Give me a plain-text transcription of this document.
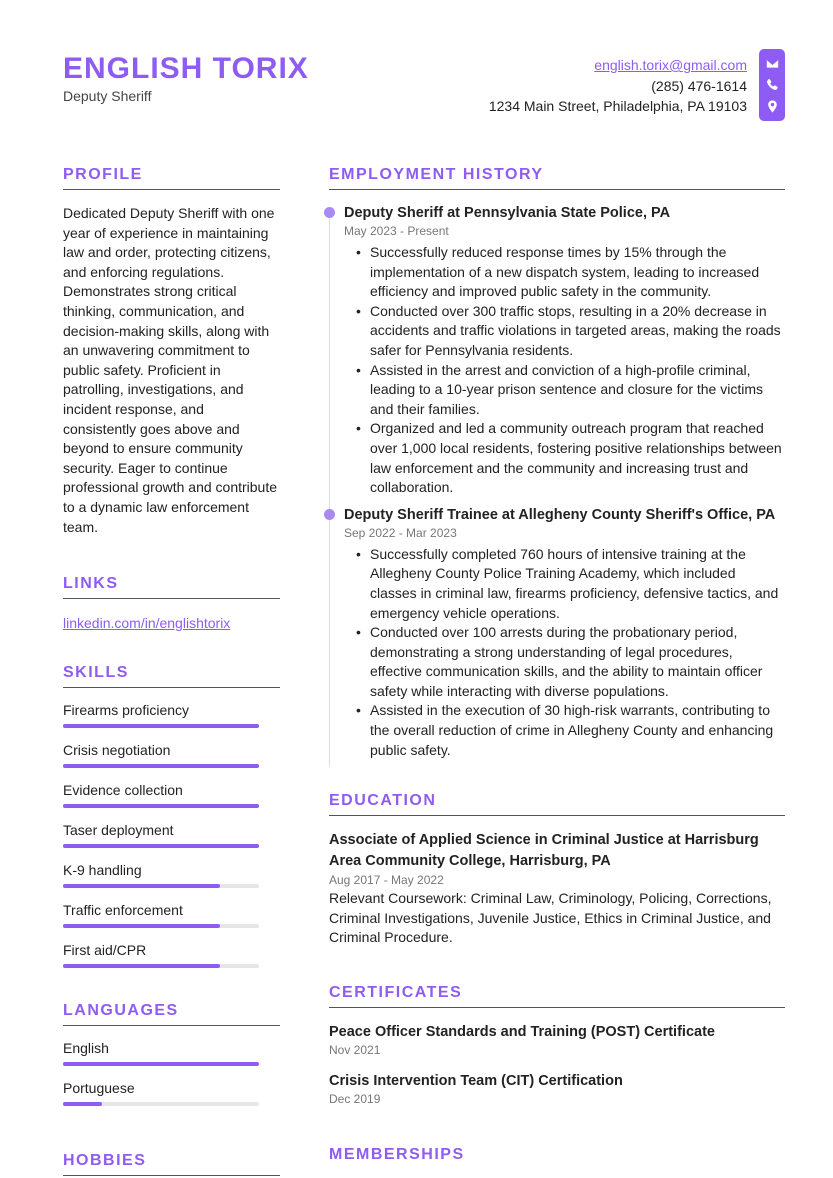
ENGLISH TORIX
Deputy Sheriff
english.torix@gmail.com
(285) 476-1614
1234 Main Street, Philadelphia, PA 19103
PROFILE

Dedicated Deputy Sheriff with one year of experience in maintaining law and order, protecting citizens, and enforcing regulations. Demonstrates strong critical thinking, communication, and decision-making skills, along with an unwavering commitment to public safety. Proficient in patrolling, investigations, and incident response, and consistently goes above and beyond to ensure community security. Eager to continue professional growth and contribute to a dynamic law enforcement team.

LINKS
linkedin.com/in/englishtorix
SKILLS
Firearms proficiency
Crisis negotiation
Evidence collection
Taser deployment
K-9 handling
Traffic enforcement
First aid/CPR
LANGUAGES
English
Portuguese
HOBBIES
EMPLOYMENT HISTORY
Deputy Sheriff at Pennsylvania State Police, PA
May 2023 - Present
• Successfully reduced response times by 15% through the implementation of a new dispatch system, leading to increased efficiency and improved public safety in the community.
• Conducted over 300 traffic stops, resulting in a 20% decrease in accidents and traffic violations in targeted areas, making the roads safer for Pennsylvania residents.
• Assisted in the arrest and conviction of a high-profile criminal, leading to a 10-year prison sentence and closure for the victims and their families.
• Organized and led a community outreach program that reached over 1,000 local residents, fostering positive relationships between law enforcement and the community and increasing trust and collaboration.
Deputy Sheriff Trainee at Allegheny County Sheriff's Office, PA
Sep 2022 - Mar 2023
• Successfully completed 760 hours of intensive training at the Allegheny County Police Training Academy, which included classes in criminal law, firearms proficiency, defensive tactics, and emergency vehicle operations.
• Conducted over 100 arrests during the probationary period, demonstrating a strong understanding of legal procedures, effective communication skills, and the ability to maintain officer safety while interacting with diverse populations.
• Assisted in the execution of 30 high-risk warrants, contributing to the overall reduction of crime in Allegheny County and enhancing public safety.
EDUCATION
Associate of Applied Science in Criminal Justice at Harrisburg Area Community College, Harrisburg, PA
Aug 2017 - May 2022
Relevant Coursework: Criminal Law, Criminology, Policing, Corrections, Criminal Investigations, Juvenile Justice, Ethics in Criminal Justice, and Criminal Procedure.
CERTIFICATES
Peace Officer Standards and Training (POST) Certificate
Nov 2021
Crisis Intervention Team (CIT) Certification
Dec 2019
MEMBERSHIPS
